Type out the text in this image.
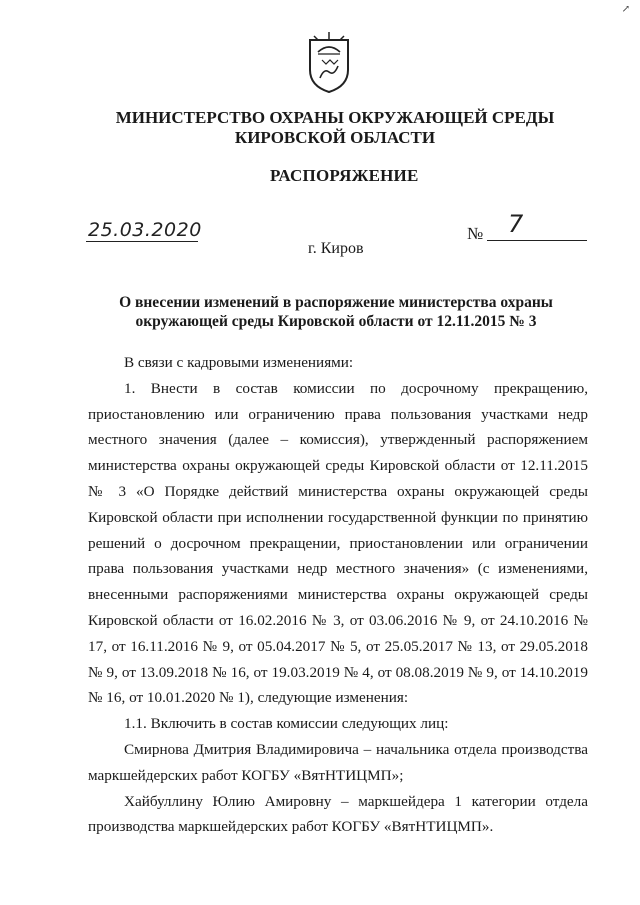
↗
МИНИСТЕРСТВО ОХРАНЫ ОКРУЖАЮЩЕЙ СРЕДЫ
КИРОВСКОЙ ОБЛАСТИ
РАСПОРЯЖЕНИЕ
25.03.2020	№ 7
г. Киров
О внесении изменений в распоряжение министерства охраны
окружающей среды Кировской области от 12.11.2015 № 3

В связи с кадровыми изменениями:

1. Внести в состав комиссии по досрочному прекращению, приостановлению или ограничению права пользования участками недр местного значения (далее – комиссия), утвержденный распоряжением министерства охраны окружающей среды Кировской области от 12.11.2015 № 3 «О Порядке действий министерства охраны окружающей среды Кировской области при исполнении государственной функции по принятию решений о досрочном прекращении, приостановлении или ограничении права пользования участками недр местного значения» (с изменениями, внесенными распоряжениями министерства охраны окружающей среды Кировской области от 16.02.2016 № 3, от 03.06.2016 № 9, от 24.10.2016 № 17, от 16.11.2016 № 9, от 05.04.2017 № 5, от 25.05.2017 № 13, от 29.05.2018 № 9, от 13.09.2018 № 16, от 19.03.2019 № 4, от 08.08.2019 № 9, от 14.10.2019 № 16, от 10.01.2020 № 1), следующие изменения:

1.1. Включить в состав комиссии следующих лиц:

Смирнова Дмитрия Владимировича – начальника отдела производства маркшейдерских работ КОГБУ «ВятНТИЦМП»;

Хайбуллину Юлию Амировну – маркшейдера 1 категории отдела производства маркшейдерских работ КОГБУ «ВятНТИЦМП».
